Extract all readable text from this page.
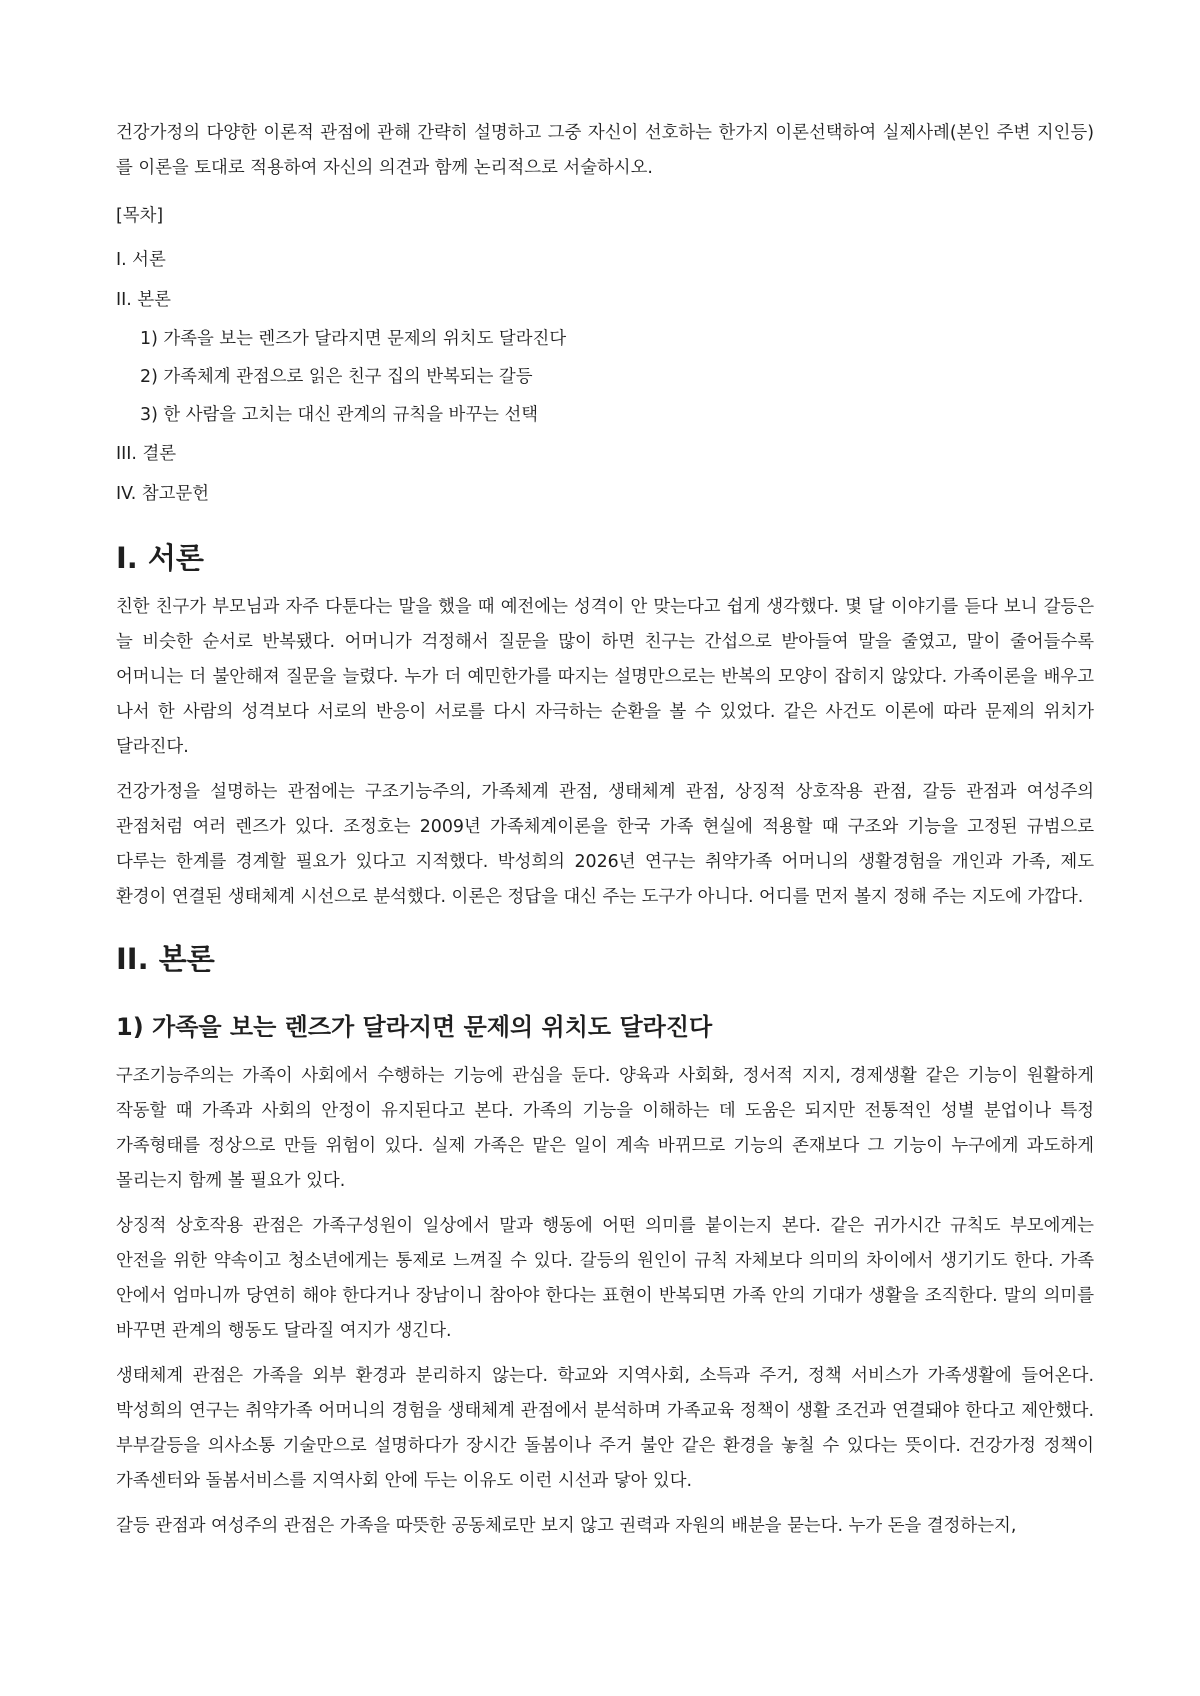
건강가정의 다양한 이론적 관점에 관해 간략히 설명하고 그중 자신이 선호하는 한가지 이론선택하여 실제사례(본인 주변 지인등)를 이론을 토대로 적용하여 자신의 의견과 함께 논리적으로 서술하시오.

[목차]
I. 서론
II. 본론
1) 가족을 보는 렌즈가 달라지면 문제의 위치도 달라진다
2) 가족체계 관점으로 읽은 친구 집의 반복되는 갈등
3) 한 사람을 고치는 대신 관계의 규칙을 바꾸는 선택
III. 결론
IV. 참고문헌
I. 서론

친한 친구가 부모님과 자주 다툰다는 말을 했을 때 예전에는 성격이 안 맞는다고 쉽게 생각했다. 몇 달 이야기를 듣다 보니 갈등은 늘 비슷한 순서로 반복됐다. 어머니가 걱정해서 질문을 많이 하면 친구는 간섭으로 받아들여 말을 줄였고, 말이 줄어들수록 어머니는 더 불안해져 질문을 늘렸다. 누가 더 예민한가를 따지는 설명만으로는 반복의 모양이 잡히지 않았다. 가족이론을 배우고 나서 한 사람의 성격보다 서로의 반응이 서로를 다시 자극하는 순환을 볼 수 있었다. 같은 사건도 이론에 따라 문제의 위치가 달라진다.

건강가정을 설명하는 관점에는 구조기능주의, 가족체계 관점, 생태체계 관점, 상징적 상호작용 관점, 갈등 관점과 여성주의 관점처럼 여러 렌즈가 있다. 조정호는 2009년 가족체계이론을 한국 가족 현실에 적용할 때 구조와 기능을 고정된 규범으로 다루는 한계를 경계할 필요가 있다고 지적했다. 박성희의 2026년 연구는 취약가족 어머니의 생활경험을 개인과 가족, 제도 환경이 연결된 생태체계 시선으로 분석했다. 이론은 정답을 대신 주는 도구가 아니다. 어디를 먼저 볼지 정해 주는 지도에 가깝다.

II. 본론
1) 가족을 보는 렌즈가 달라지면 문제의 위치도 달라진다

구조기능주의는 가족이 사회에서 수행하는 기능에 관심을 둔다. 양육과 사회화, 정서적 지지, 경제생활 같은 기능이 원활하게 작동할 때 가족과 사회의 안정이 유지된다고 본다. 가족의 기능을 이해하는 데 도움은 되지만 전통적인 성별 분업이나 특정 가족형태를 정상으로 만들 위험이 있다. 실제 가족은 맡은 일이 계속 바뀌므로 기능의 존재보다 그 기능이 누구에게 과도하게 몰리는지 함께 볼 필요가 있다.

상징적 상호작용 관점은 가족구성원이 일상에서 말과 행동에 어떤 의미를 붙이는지 본다. 같은 귀가시간 규칙도 부모에게는 안전을 위한 약속이고 청소년에게는 통제로 느껴질 수 있다. 갈등의 원인이 규칙 자체보다 의미의 차이에서 생기기도 한다. 가족 안에서 엄마니까 당연히 해야 한다거나 장남이니 참아야 한다는 표현이 반복되면 가족 안의 기대가 생활을 조직한다. 말의 의미를 바꾸면 관계의 행동도 달라질 여지가 생긴다.

생태체계 관점은 가족을 외부 환경과 분리하지 않는다. 학교와 지역사회, 소득과 주거, 정책 서비스가 가족생활에 들어온다. 박성희의 연구는 취약가족 어머니의 경험을 생태체계 관점에서 분석하며 가족교육 정책이 생활 조건과 연결돼야 한다고 제안했다. 부부갈등을 의사소통 기술만으로 설명하다가 장시간 돌봄이나 주거 불안 같은 환경을 놓칠 수 있다는 뜻이다. 건강가정 정책이 가족센터와 돌봄서비스를 지역사회 안에 두는 이유도 이런 시선과 닿아 있다.

갈등 관점과 여성주의 관점은 가족을 따뜻한 공동체로만 보지 않고 권력과 자원의 배분을 묻는다. 누가 돈을 결정하는지,
